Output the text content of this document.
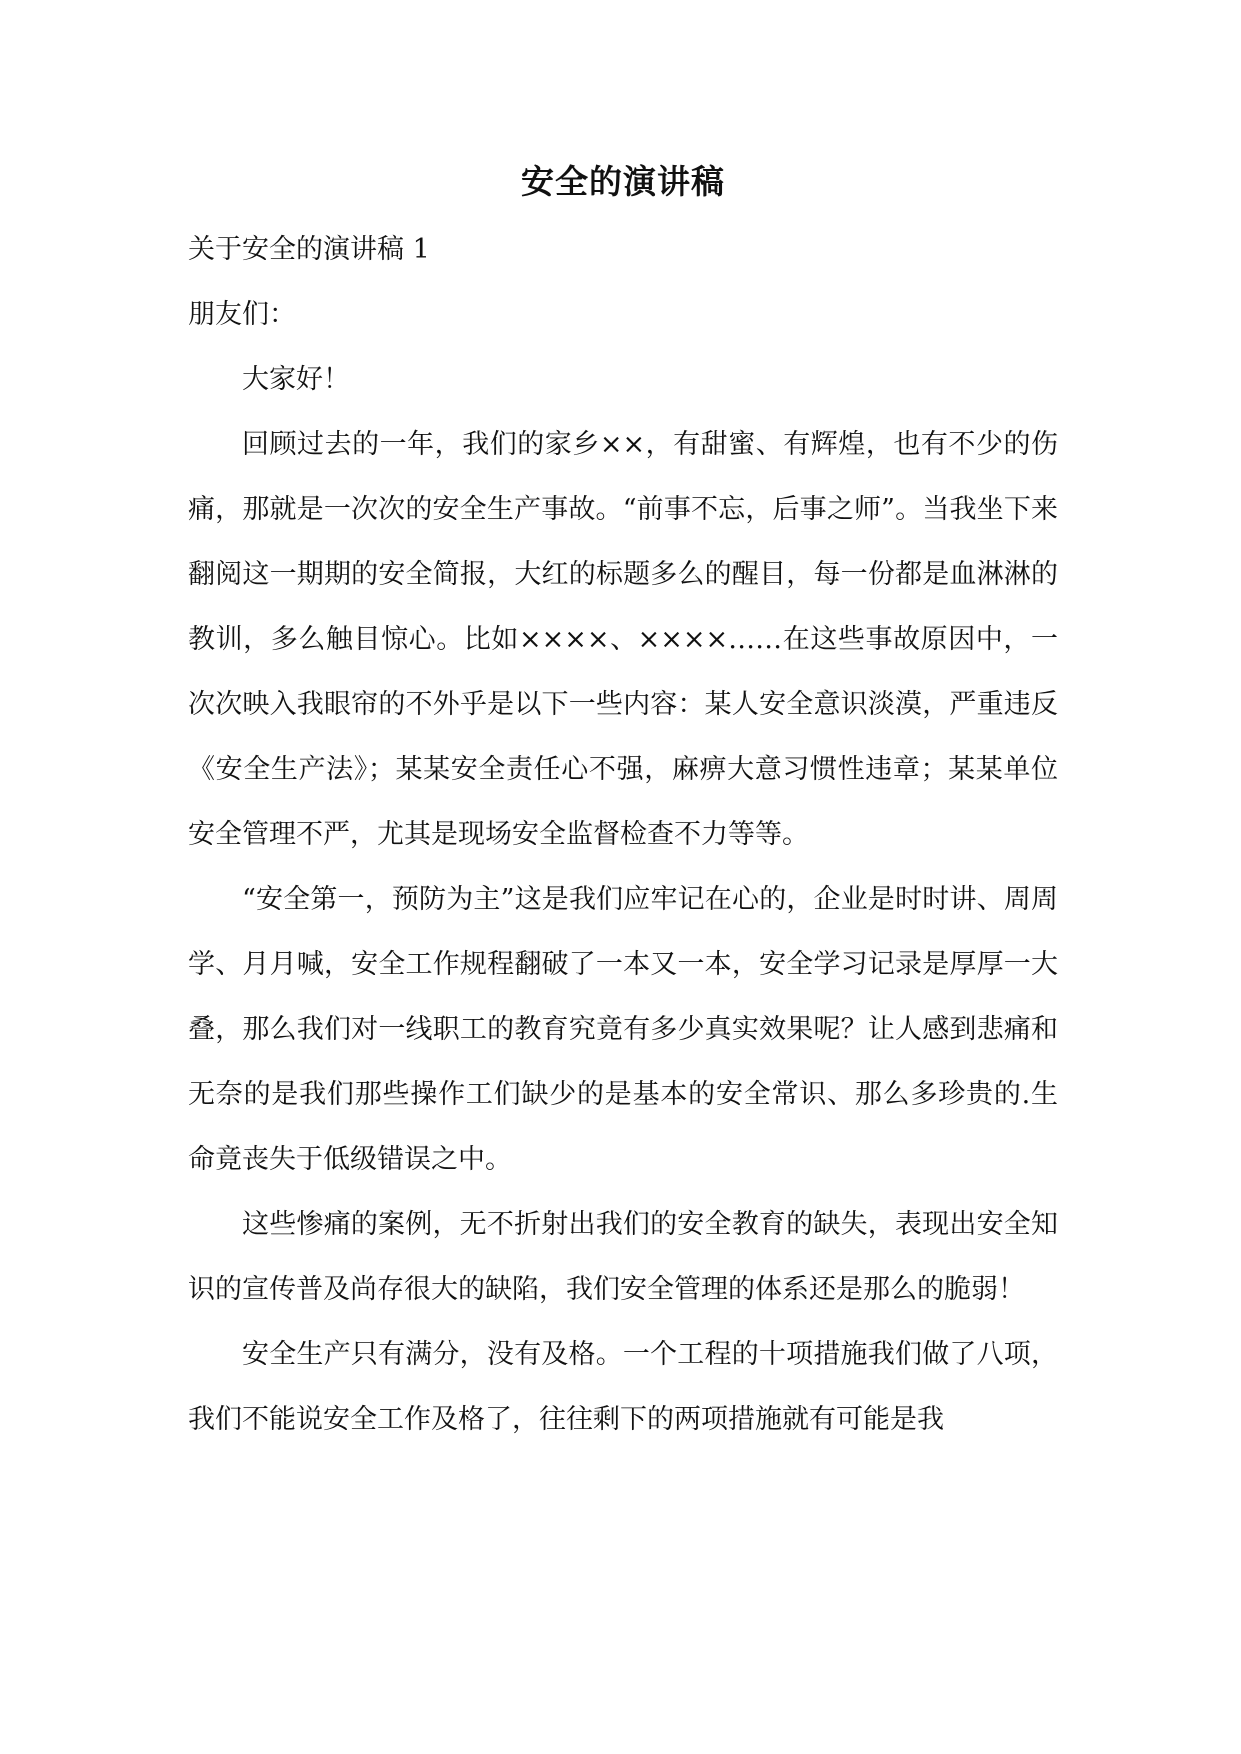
安全的演讲稿

关于安全的演讲稿 1

朋友们：

大家好！

回顾过去的一年，我们的家乡××，有甜蜜、有辉煌，也有不少的伤痛，那就是一次次的安全生产事故。“前事不忘，后事之师”。当我坐下来翻阅这一期期的安全简报，大红的标题多么的醒目，每一份都是血淋淋的教训，多么触目惊心。比如××××、××××……在这些事故原因中，一次次映入我眼帘的不外乎是以下一些内容：某人安全意识淡漠，严重违反《安全生产法》；某某安全责任心不强，麻痹大意习惯性违章；某某单位安全管理不严，尤其是现场安全监督检查不力等等。

“安全第一，预防为主”这是我们应牢记在心的，企业是时时讲、周周学、月月喊，安全工作规程翻破了一本又一本，安全学习记录是厚厚一大叠，那么我们对一线职工的教育究竟有多少真实效果呢？让人感到悲痛和无奈的是我们那些操作工们缺少的是基本的安全常识、那么多珍贵的.生命竟丧失于低级错误之中。

这些惨痛的案例，无不折射出我们的安全教育的缺失，表现出安全知识的宣传普及尚存很大的缺陷，我们安全管理的体系还是那么的脆弱！

安全生产只有满分，没有及格。一个工程的十项措施我们做了八项，我们不能说安全工作及格了，往往剩下的两项措施就有可能是我
